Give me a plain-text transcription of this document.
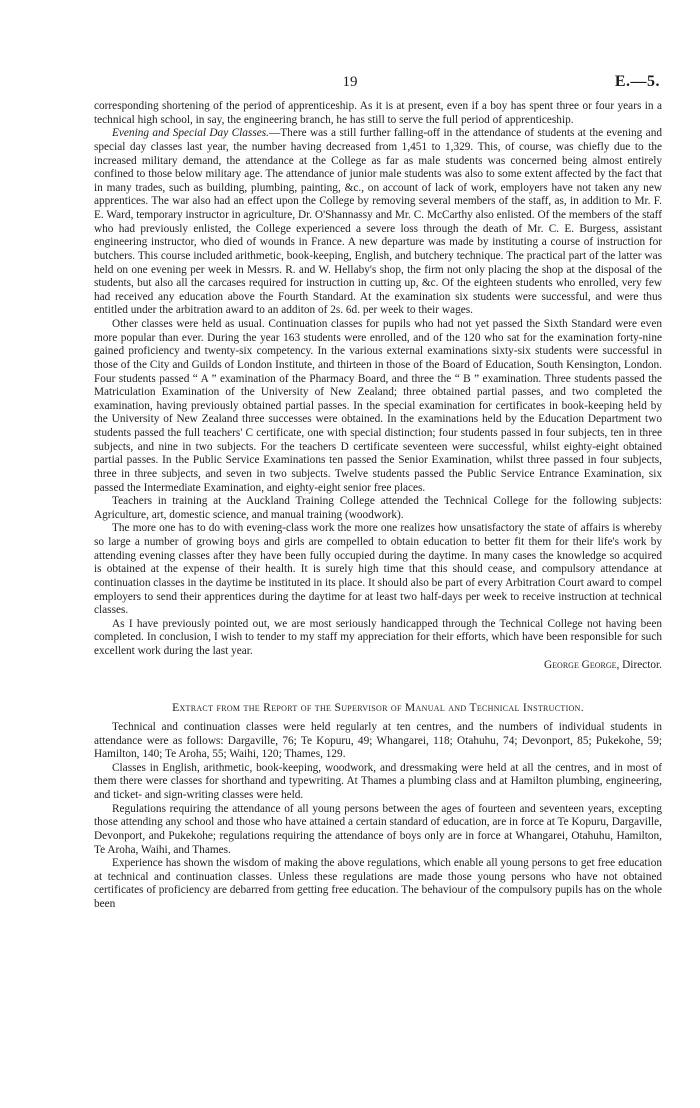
19	E.—5.

corresponding shortening of the period of apprenticeship. As it is at present, even if a boy has spent three or four years in a technical high school, in say, the engineering branch, he has still to serve the full period of apprenticeship.

Evening and Special Day Classes.—There was a still further falling-off in the attendance of students at the evening and special day classes last year, the number having decreased from 1,451 to 1,329. This, of course, was chiefly due to the increased military demand, the attendance at the College as far as male students was concerned being almost entirely confined to those below military age. The attendance of junior male students was also to some extent affected by the fact that in many trades, such as building, plumbing, painting, &c., on account of lack of work, employers have not taken any new apprentices. The war also had an effect upon the College by removing several members of the staff, as, in addition to Mr. F. E. Ward, temporary instructor in agriculture, Dr. O'Shannassy and Mr. C. McCarthy also enlisted. Of the members of the staff who had previously enlisted, the College experienced a severe loss through the death of Mr. C. E. Burgess, assistant engineering instructor, who died of wounds in France. A new departure was made by instituting a course of instruction for butchers. This course included arithmetic, book-keeping, English, and butchery technique. The practical part of the latter was held on one evening per week in Messrs. R. and W. Hellaby's shop, the firm not only placing the shop at the disposal of the students, but also all the carcases required for instruction in cutting up, &c. Of the eighteen students who enrolled, very few had received any education above the Fourth Standard. At the examination six students were successful, and were thus entitled under the arbitration award to an additon of 2s. 6d. per week to their wages.

Other classes were held as usual. Continuation classes for pupils who had not yet passed the Sixth Standard were even more popular than ever. During the year 163 students were enrolled, and of the 120 who sat for the examination forty-nine gained proficiency and twenty-six competency. In the various external examinations sixty-six students were successful in those of the City and Guilds of London Institute, and thirteen in those of the Board of Education, South Kensington, London. Four students passed “ A ” examination of the Pharmacy Board, and three the “ B ” examination. Three students passed the Matriculation Examination of the University of New Zealand; three obtained partial passes, and two completed the examination, having previously obtained partial passes. In the special examination for certificates in book-keeping held by the University of New Zealand three successes were obtained. In the examinations held by the Education Department two students passed the full teachers' C certificate, one with special distinction; four students passed in four subjects, ten in three subjects, and nine in two subjects. For the teachers D certificate seventeen were successful, whilst eighty-eight obtained partial passes. In the Public Service Examinations ten passed the Senior Examination, whilst three passed in four subjects, three in three subjects, and seven in two subjects. Twelve students passed the Public Service Entrance Examination, six passed the Intermediate Examination, and eighty-eight senior free places.

Teachers in training at the Auckland Training College attended the Technical College for the following subjects: Agriculture, art, domestic science, and manual training (woodwork).

The more one has to do with evening-class work the more one realizes how unsatisfactory the state of affairs is whereby so large a number of growing boys and girls are compelled to obtain education to better fit them for their life's work by attending evening classes after they have been fully occupied during the daytime. In many cases the knowledge so acquired is obtained at the expense of their health. It is surely high time that this should cease, and compulsory attendance at continuation classes in the daytime be instituted in its place. It should also be part of every Arbitration Court award to compel employers to send their apprentices during the daytime for at least two half-days per week to receive instruction at technical classes.

As I have previously pointed out, we are most seriously handicapped through the Technical College not having been completed. In conclusion, I wish to tender to my staff my appreciation for their efforts, which have been responsible for such excellent work during the last year.

George George, Director.

Extract from the Report of the Supervisor of Manual and Technical Instruction.

Technical and continuation classes were held regularly at ten centres, and the numbers of individual students in attendance were as follows: Dargaville, 76; Te Kopuru, 49; Whangarei, 118; Otahuhu, 74; Devonport, 85; Pukekohe, 59; Hamilton, 140; Te Aroha, 55; Waihi, 120; Thames, 129.

Classes in English, arithmetic, book-keeping, woodwork, and dressmaking were held at all the centres, and in most of them there were classes for shorthand and typewriting. At Thames a plumbing class and at Hamilton plumbing, engineering, and ticket- and sign-writing classes were held.

Regulations requiring the attendance of all young persons between the ages of fourteen and seventeen years, excepting those attending any school and those who have attained a certain standard of education, are in force at Te Kopuru, Dargaville, Devonport, and Pukekohe; regulations requiring the attendance of boys only are in force at Whangarei, Otahuhu, Hamilton, Te Aroha, Waihi, and Thames.

Experience has shown the wisdom of making the above regulations, which enable all young persons to get free education at technical and continuation classes. Unless these regulations are made those young persons who have not obtained certificates of proficiency are debarred from getting free education. The behaviour of the compulsory pupils has on the whole been
